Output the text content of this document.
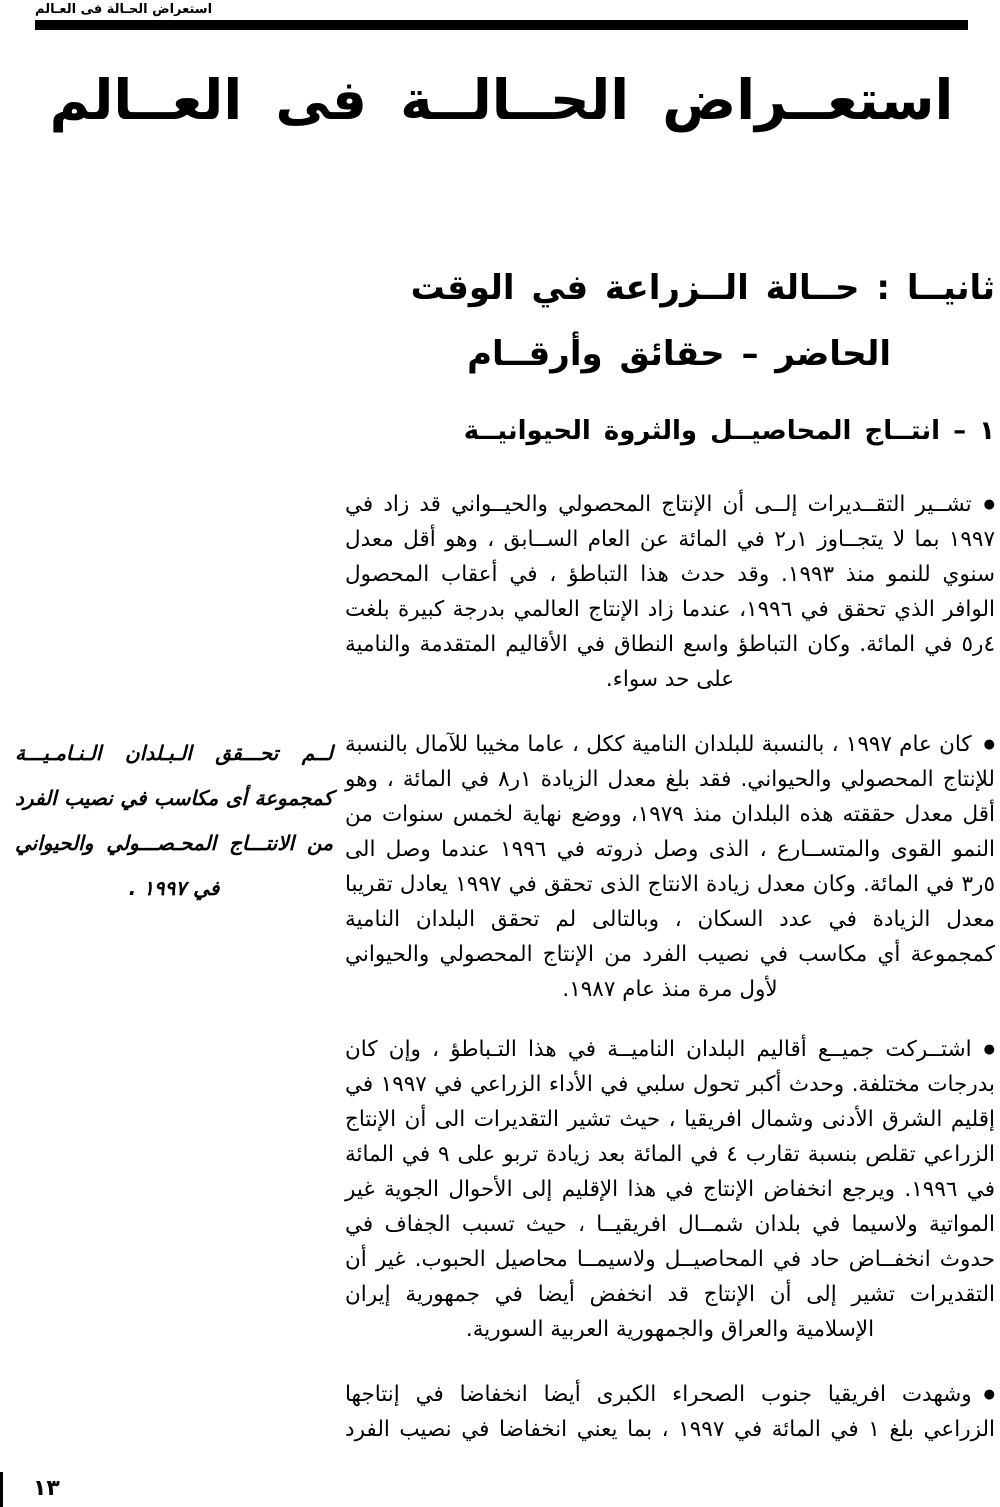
استعراض الحـالة فى العـالم
استعــراض الحــالــة فى العــالم
ثانيــا : حــالة الــزراعة في الوقت
الحاضر – حقائق وأرقــام
١ – انتــاج المحاصيــل والثروة الحيوانيــة
●تشــير التقــديرات إلــى أن الإنتاج المحصولي والحيــواني قد زاد في ١٩٩٧ بما لا يتجــاوز ١ر٢ في المائة عن العام الســابق ، وهو أقل معدل سنوي للنمو منذ ١٩٩٣. وقد حدث هذا التباطؤ ، في أعقاب المحصول الوافر الذي تحقق في ١٩٩٦، عندما زاد الإنتاج العالمي بدرجة كبيرة بلغت ٤ر٥ في المائة. وكان التباطؤ واسع النطاق في الأقاليم المتقدمة والنامية على حد سواء.
لــم تحـــقق الـبـلدان الـنـامـيـــة كمجموعة أى مكاسب في نصيب الفرد من الانتـــاج المحـصـــولي والحيواني في ١٩٩٧ .
●كان عام ١٩٩٧ ، بالنسبة للبلدان النامية ككل ، عاما مخيبا للآمال بالنسبة للإنتاج المحصولي والحيواني. فقد بلغ معدل الزيادة ١ر٨ في المائة ، وهو أقل معدل حققته هذه البلدان منذ ١٩٧٩، ووضع نهاية لخمس سنوات من النمو القوى والمتســارع ، الذى وصل ذروته في ١٩٩٦ عندما وصل الى ٥ر٣ في المائة. وكان معدل زيادة الانتاج الذى تحقق في ١٩٩٧ يعادل تقريبا معدل الزيادة في عدد السكان ، وبالتالى لم تحقق البلدان النامية كمجموعة أي مكاسب في نصيب الفرد من الإنتاج المحصولي والحيواني لأول مرة منذ عام ١٩٨٧.
●اشتــركت جميــع أقاليم البلدان الناميــة في هذا التـباطؤ ، وإن كان بدرجات مختلفة. وحدث أكبر تحول سلبي في الأداء الزراعي في ١٩٩٧ في إقليم الشرق الأدنى وشمال افريقيا ، حيث تشير التقديرات الى أن الإنتاج الزراعي تقلص بنسبة تقارب ٤ في المائة بعد زيادة تربو على ٩ في المائة في ١٩٩٦. ويرجع انخفاض الإنتاج في هذا الإقليم إلى الأحوال الجوية غير المواتية ولاسيما في بلدان شمــال افريقيــا ، حيث تسبب الجفاف في حدوث انخفــاض حاد في المحاصيــل ولاسيمــا محاصيل الحبوب. غير أن التقديرات تشير إلى أن الإنتاج قد انخفض أيضا في جمهورية إيران الإسلامية والعراق والجمهورية العربية السورية.
●وشهدت افريقيا جنوب الصحراء الكبرى أيضا انخفاضا في إنتاجها الزراعي بلغ ١ في المائة في ١٩٩٧ ، بما يعني انخفاضا في نصيب الفرد
١٣
